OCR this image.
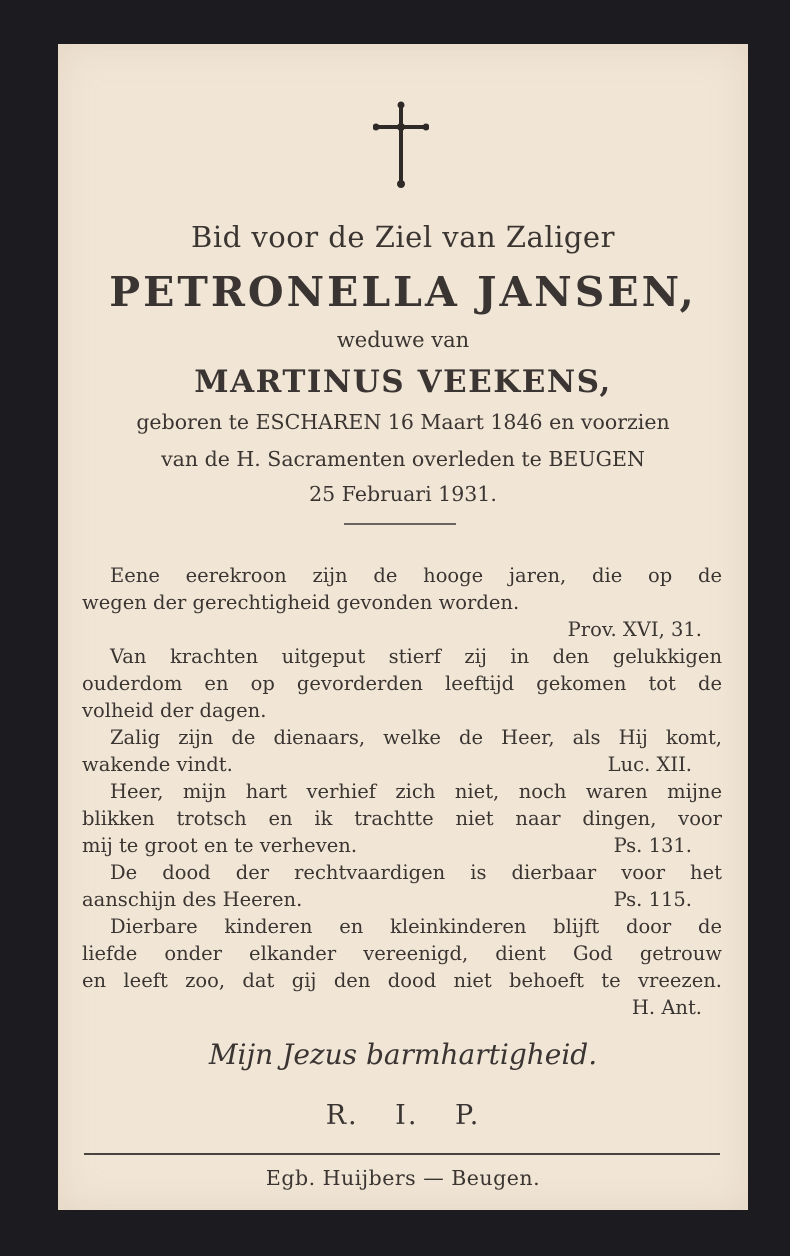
Bid voor de Ziel van Zaliger
PETRONELLA JANSEN,
weduwe van
MARTINUS VEEKENS,
geboren te ESCHAREN 16 Maart 1846 en voorzien
van de H. Sacramenten overleden te BEUGEN
25 Februari 1931.
Eene eerekroon zijn de hooge jaren, die op de
wegen der gerechtigheid gevonden worden.
Prov. XVI, 31.
Van krachten uitgeput stierf zij in den gelukkigen
ouderdom en op gevorderden leeftijd gekomen tot de
volheid der dagen.
Zalig zijn de dienaars, welke de Heer, als Hij komt,
wakende vindt.	Luc. XII.
Heer, mijn hart verhief zich niet, noch waren mijne
blikken trotsch en ik trachtte niet naar dingen, voor
mij te groot en te verheven.	Ps. 131.
De dood der rechtvaardigen is dierbaar voor het
aanschijn des Heeren.	Ps. 115.
Dierbare kinderen en kleinkinderen blijft door de
liefde onder elkander vereenigd, dient God getrouw
en leeft zoo, dat gij den dood niet behoeft te vreezen.
H. Ant.
Mijn Jezus barmhartigheid.
R. I. P.
Egb. Huijbers — Beugen.
